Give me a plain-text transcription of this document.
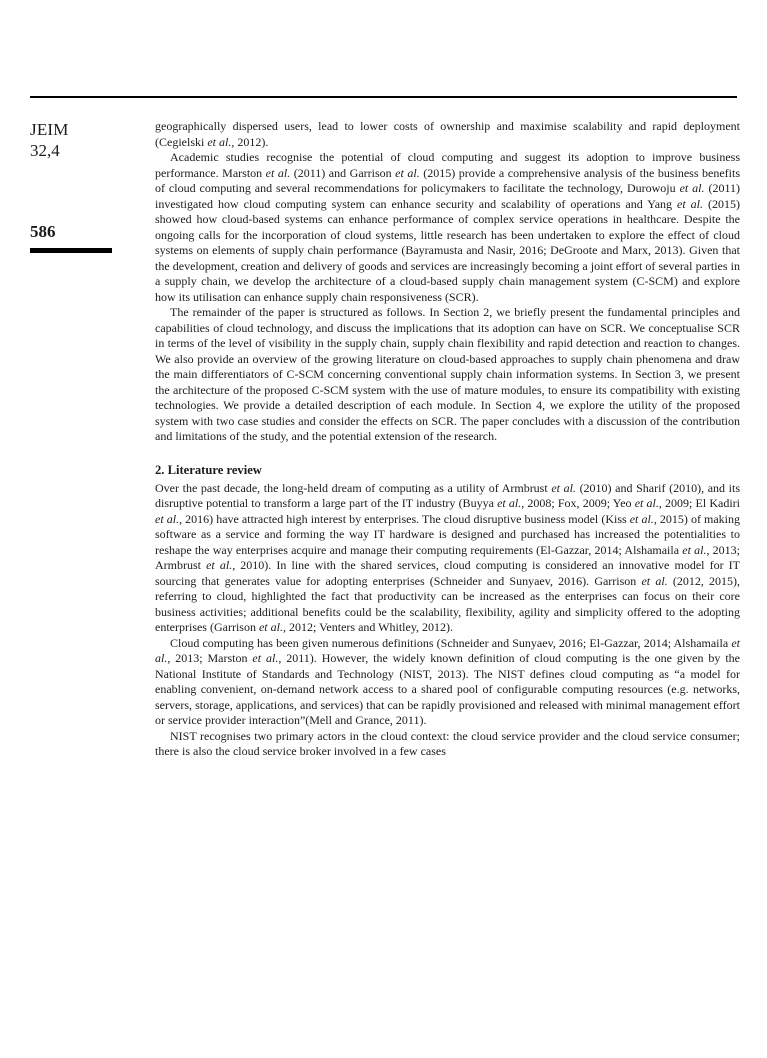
JEIM
32,4
586

geographically dispersed users, lead to lower costs of ownership and maximise scalability and rapid deployment (Cegielski et al., 2012).

Academic studies recognise the potential of cloud computing and suggest its adoption to improve business performance. Marston et al. (2011) and Garrison et al. (2015) provide a comprehensive analysis of the business benefits of cloud computing and several recommendations for policymakers to facilitate the technology, Durowoju et al. (2011) investigated how cloud computing system can enhance security and scalability of operations and Yang et al. (2015) showed how cloud-based systems can enhance performance of complex service operations in healthcare. Despite the ongoing calls for the incorporation of cloud systems, little research has been undertaken to explore the effect of cloud systems on elements of supply chain performance (Bayramusta and Nasir, 2016; DeGroote and Marx, 2013). Given that the development, creation and delivery of goods and services are increasingly becoming a joint effort of several parties in a supply chain, we develop the architecture of a cloud-based supply chain management system (C-SCM) and explore how its utilisation can enhance supply chain responsiveness (SCR).

The remainder of the paper is structured as follows. In Section 2, we briefly present the fundamental principles and capabilities of cloud technology, and discuss the implications that its adoption can have on SCR. We conceptualise SCR in terms of the level of visibility in the supply chain, supply chain flexibility and rapid detection and reaction to changes. We also provide an overview of the growing literature on cloud-based approaches to supply chain phenomena and draw the main differentiators of C-SCM concerning conventional supply chain information systems. In Section 3, we present the architecture of the proposed C-SCM system with the use of mature modules, to ensure its compatibility with existing technologies. We provide a detailed description of each module. In Section 4, we explore the utility of the proposed system with two case studies and consider the effects on SCR. The paper concludes with a discussion of the contribution and limitations of the study, and the potential extension of the research.

2. Literature review

Over the past decade, the long-held dream of computing as a utility of Armbrust et al. (2010) and Sharif (2010), and its disruptive potential to transform a large part of the IT industry (Buyya et al., 2008; Fox, 2009; Yeo et al., 2009; El Kadiri et al., 2016) have attracted high interest by enterprises. The cloud disruptive business model (Kiss et al., 2015) of making software as a service and forming the way IT hardware is designed and purchased has increased the potentialities to reshape the way enterprises acquire and manage their computing requirements (El-Gazzar, 2014; Alshamaila et al., 2013; Armbrust et al., 2010). In line with the shared services, cloud computing is considered an innovative model for IT sourcing that generates value for adopting enterprises (Schneider and Sunyaev, 2016). Garrison et al. (2012, 2015), referring to cloud, highlighted the fact that productivity can be increased as the enterprises can focus on their core business activities; additional benefits could be the scalability, flexibility, agility and simplicity offered to the adopting enterprises (Garrison et al., 2012; Venters and Whitley, 2012).

Cloud computing has been given numerous definitions (Schneider and Sunyaev, 2016; El-Gazzar, 2014; Alshamaila et al., 2013; Marston et al., 2011). However, the widely known definition of cloud computing is the one given by the National Institute of Standards and Technology (NIST, 2013). The NIST defines cloud computing as “a model for enabling convenient, on-demand network access to a shared pool of configurable computing resources (e.g. networks, servers, storage, applications, and services) that can be rapidly provisioned and released with minimal management effort or service provider interaction”(Mell and Grance, 2011).

NIST recognises two primary actors in the cloud context: the cloud service provider and the cloud service consumer; there is also the cloud service broker involved in a few cases
